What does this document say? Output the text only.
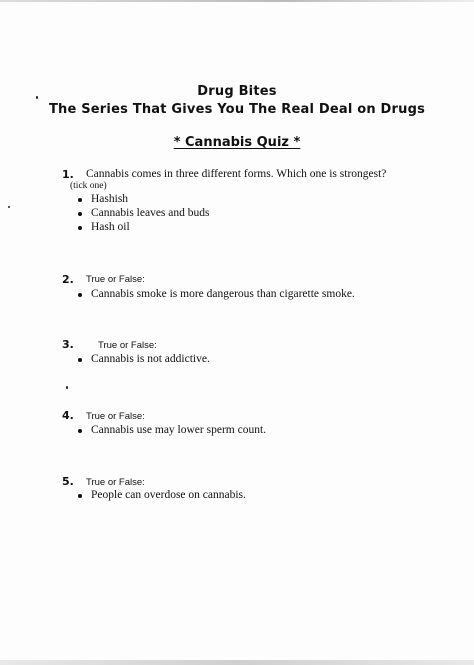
Drug Bites
The Series That Gives You The Real Deal on Drugs
* Cannabis Quiz *
1. Cannabis comes in three different forms. Which one is strongest?
(tick one)
Hashish
Cannabis leaves and buds
Hash oil
2. True or False:
Cannabis smoke is more dangerous than cigarette smoke.
3.	True or False:
Cannabis is not addictive.
4. True or False:
Cannabis use may lower sperm count.
5. True or False:
People can overdose on cannabis.
